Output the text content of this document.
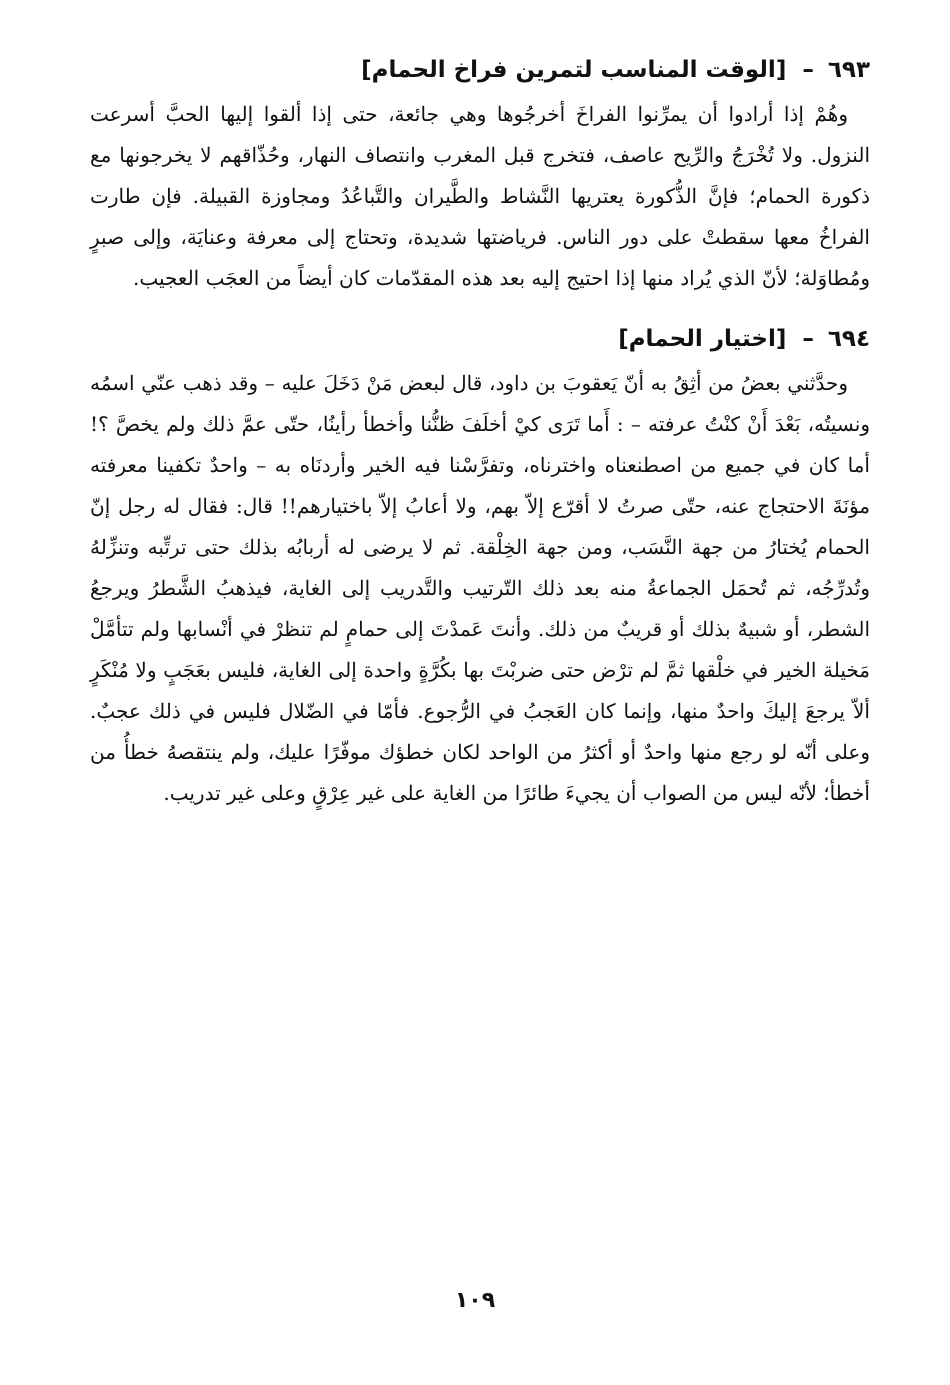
٦٩٣ – [الوقت المناسب لتمرين فراخ الحمام]

وهُمْ إذا أرادوا أن يمرِّنوا الفراخَ أخرجُوها وهي جائعة، حتى إذا ألقوا إليها الحبَّ أسرعت النزول. ولا تُخْرَجُ والرِّيح عاصف، فتخرج قبل المغرب وانتصاف النهار، وحُذّاقهم لا يخرجونها مع ذكورة الحمام؛ فإنَّ الذُّكورة يعتريها النَّشاط والطَّيران والتَّباعُدُ ومجاوزة القبيلة. فإن طارت الفراخُ معها سقطتْ على دور الناس. فرياضتها شديدة، وتحتاج إلى معرفة وعنايَة، وإلى صبرٍ ومُطاوَلة؛ لأنّ الذي يُراد منها إذا احتيج إليه بعد هذه المقدّمات كان أيضاً من العجَب العجيب.

٦٩٤ – [اختيار الحمام]

وحدَّثني بعضُ من أثِقُ به أنّ يَعقوبَ بن داود، قال لبعض مَنْ دَخَلَ عليه – وقد ذهب عنّي اسمُه ونسيتُه، بَعْدَ أَنْ كنْتُ عرفته – : أَما تَرَى كيْ أخلَفَ ظنُّنا وأخطأ رأينُا، حتّى عمَّ ذلك ولم يخصَّ ؟! أما كان في جميع من اصطنعناه واخترناه، وتفرَّسْنا فيه الخير وأردنَاه به – واحدٌ تكفينا معرفته مؤنَةَ الاحتجاج عنه، حتّى صرتُ لا أقرّع إلاّ بهم، ولا أعابُ إلاّ باختيارهم!! قال: فقال له رجل إنّ الحمام يُختارُ من جهة النَّسَب، ومن جهة الخِلْقة. ثم لا يرضى له أربابُه بذلك حتى ترتِّبه وتنزِّلهُ وتُدرِّجُه، ثم تُحمَل الجماعةُ منه بعد ذلك التّرتيب والتَّدريب إلى الغاية، فيذهبُ الشَّطرُ ويرجعُ الشطر، أو شبيهٌ بذلك أو قريبٌ من ذلك. وأنتَ عَمدْتَ إلى حمامٍ لم تنظرْ في أنْسابها ولم تتأمَّلْ مَخيلة الخير في خلْقها ثمَّ لم ترْض حتى ضربْتَ بها بكُرَّةٍ واحدة إلى الغاية، فليس بعَجَبٍ ولا مُنْكَرٍ ألاّ يرجعَ إليكَ واحدٌ منها، وإنما كان العَجبُ في الرُّجوع. فأمّا في الضّلال فليس في ذلك عجبٌ. وعلى أنّه لو رجع منها واحدٌ أو أكثرُ من الواحد لكان خطؤك موفّرًا عليك، ولم ينتقصهُ خطأُ من أخطأ؛ لأنّه ليس من الصواب أن يجيءَ طائرًا من الغاية على غير عِرْقٍ وعلى غير تدريب.

١٠٩
